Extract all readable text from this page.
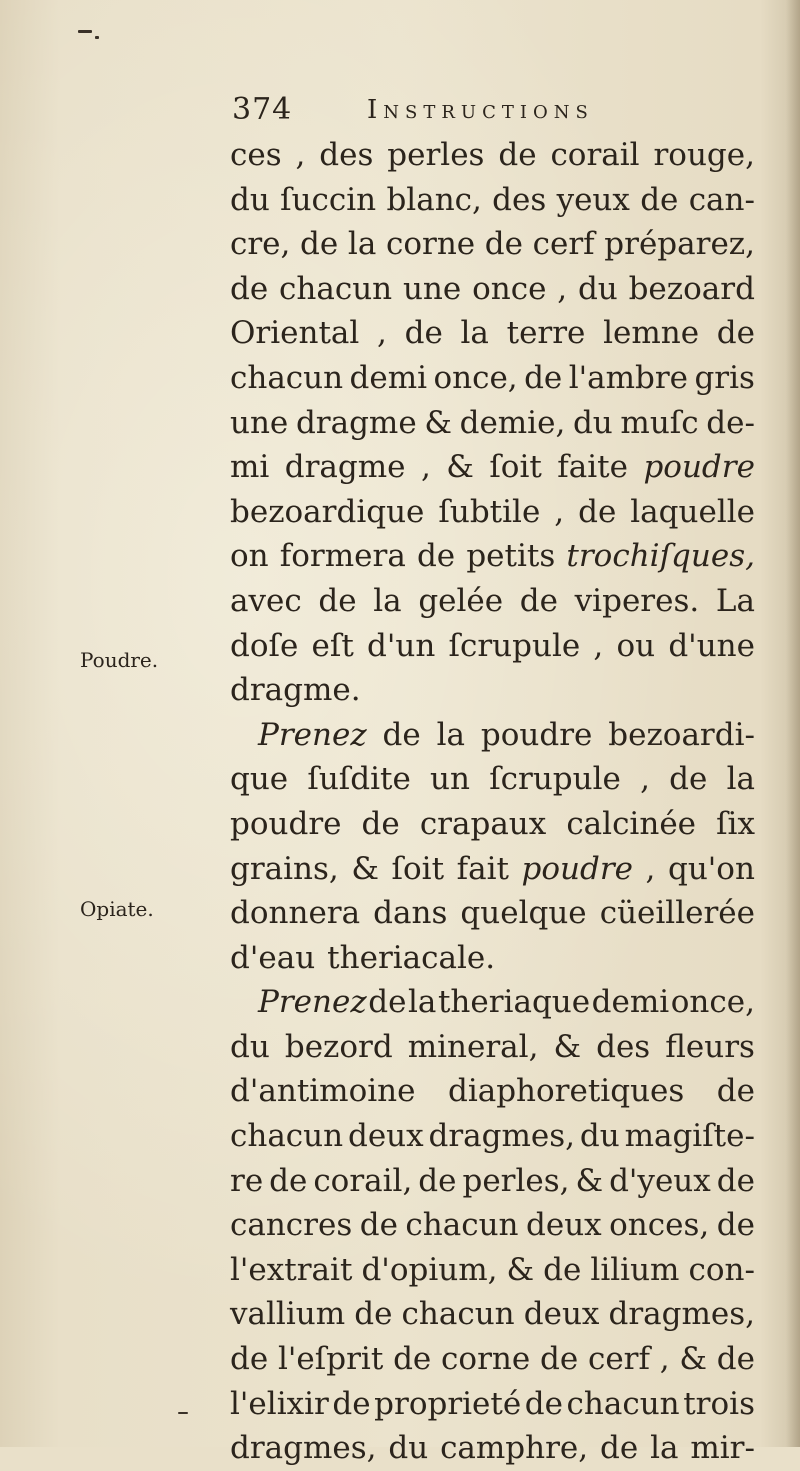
374	Instructions
Poudre.
Opiate.
ces , des perles de corail rouge,
du ſuccin blanc, des yeux de can-
cre, de la corne de cerf préparez,
de chacun une once , du bezoard
Oriental , de la terre lemne de
chacun demi once, de l'ambre gris
une dragme & demie, du muſc de-
mi dragme , & ſoit faite poudre
bezoardique ſubtile , de laquelle
on formera de petits trochiſques,
avec de la gelée de viperes. La
doſe eſt d'un ſcrupule , ou d'une
dragme.
Prenez de la poudre bezoardi-
que ſuſdite un ſcrupule , de la
poudre de crapaux calcinée ſix
grains, & ſoit fait poudre , qu'on
donnera dans quelque cüeillerée
d'eau theriacale.
Prenez de la theriaque demi once,
du bezord mineral, & des fleurs
d'antimoine diaphoretiques de
chacun deux dragmes, du magiſte-
re de corail, de perles, & d'yeux de
cancres de chacun deux onces, de
l'extrait d'opium, & de lilium con-
vallium de chacun deux dragmes,
de l'eſprit de corne de cerf , & de
l'elixir de proprieté de chacun trois
dragmes, du camphre, de la mir-
